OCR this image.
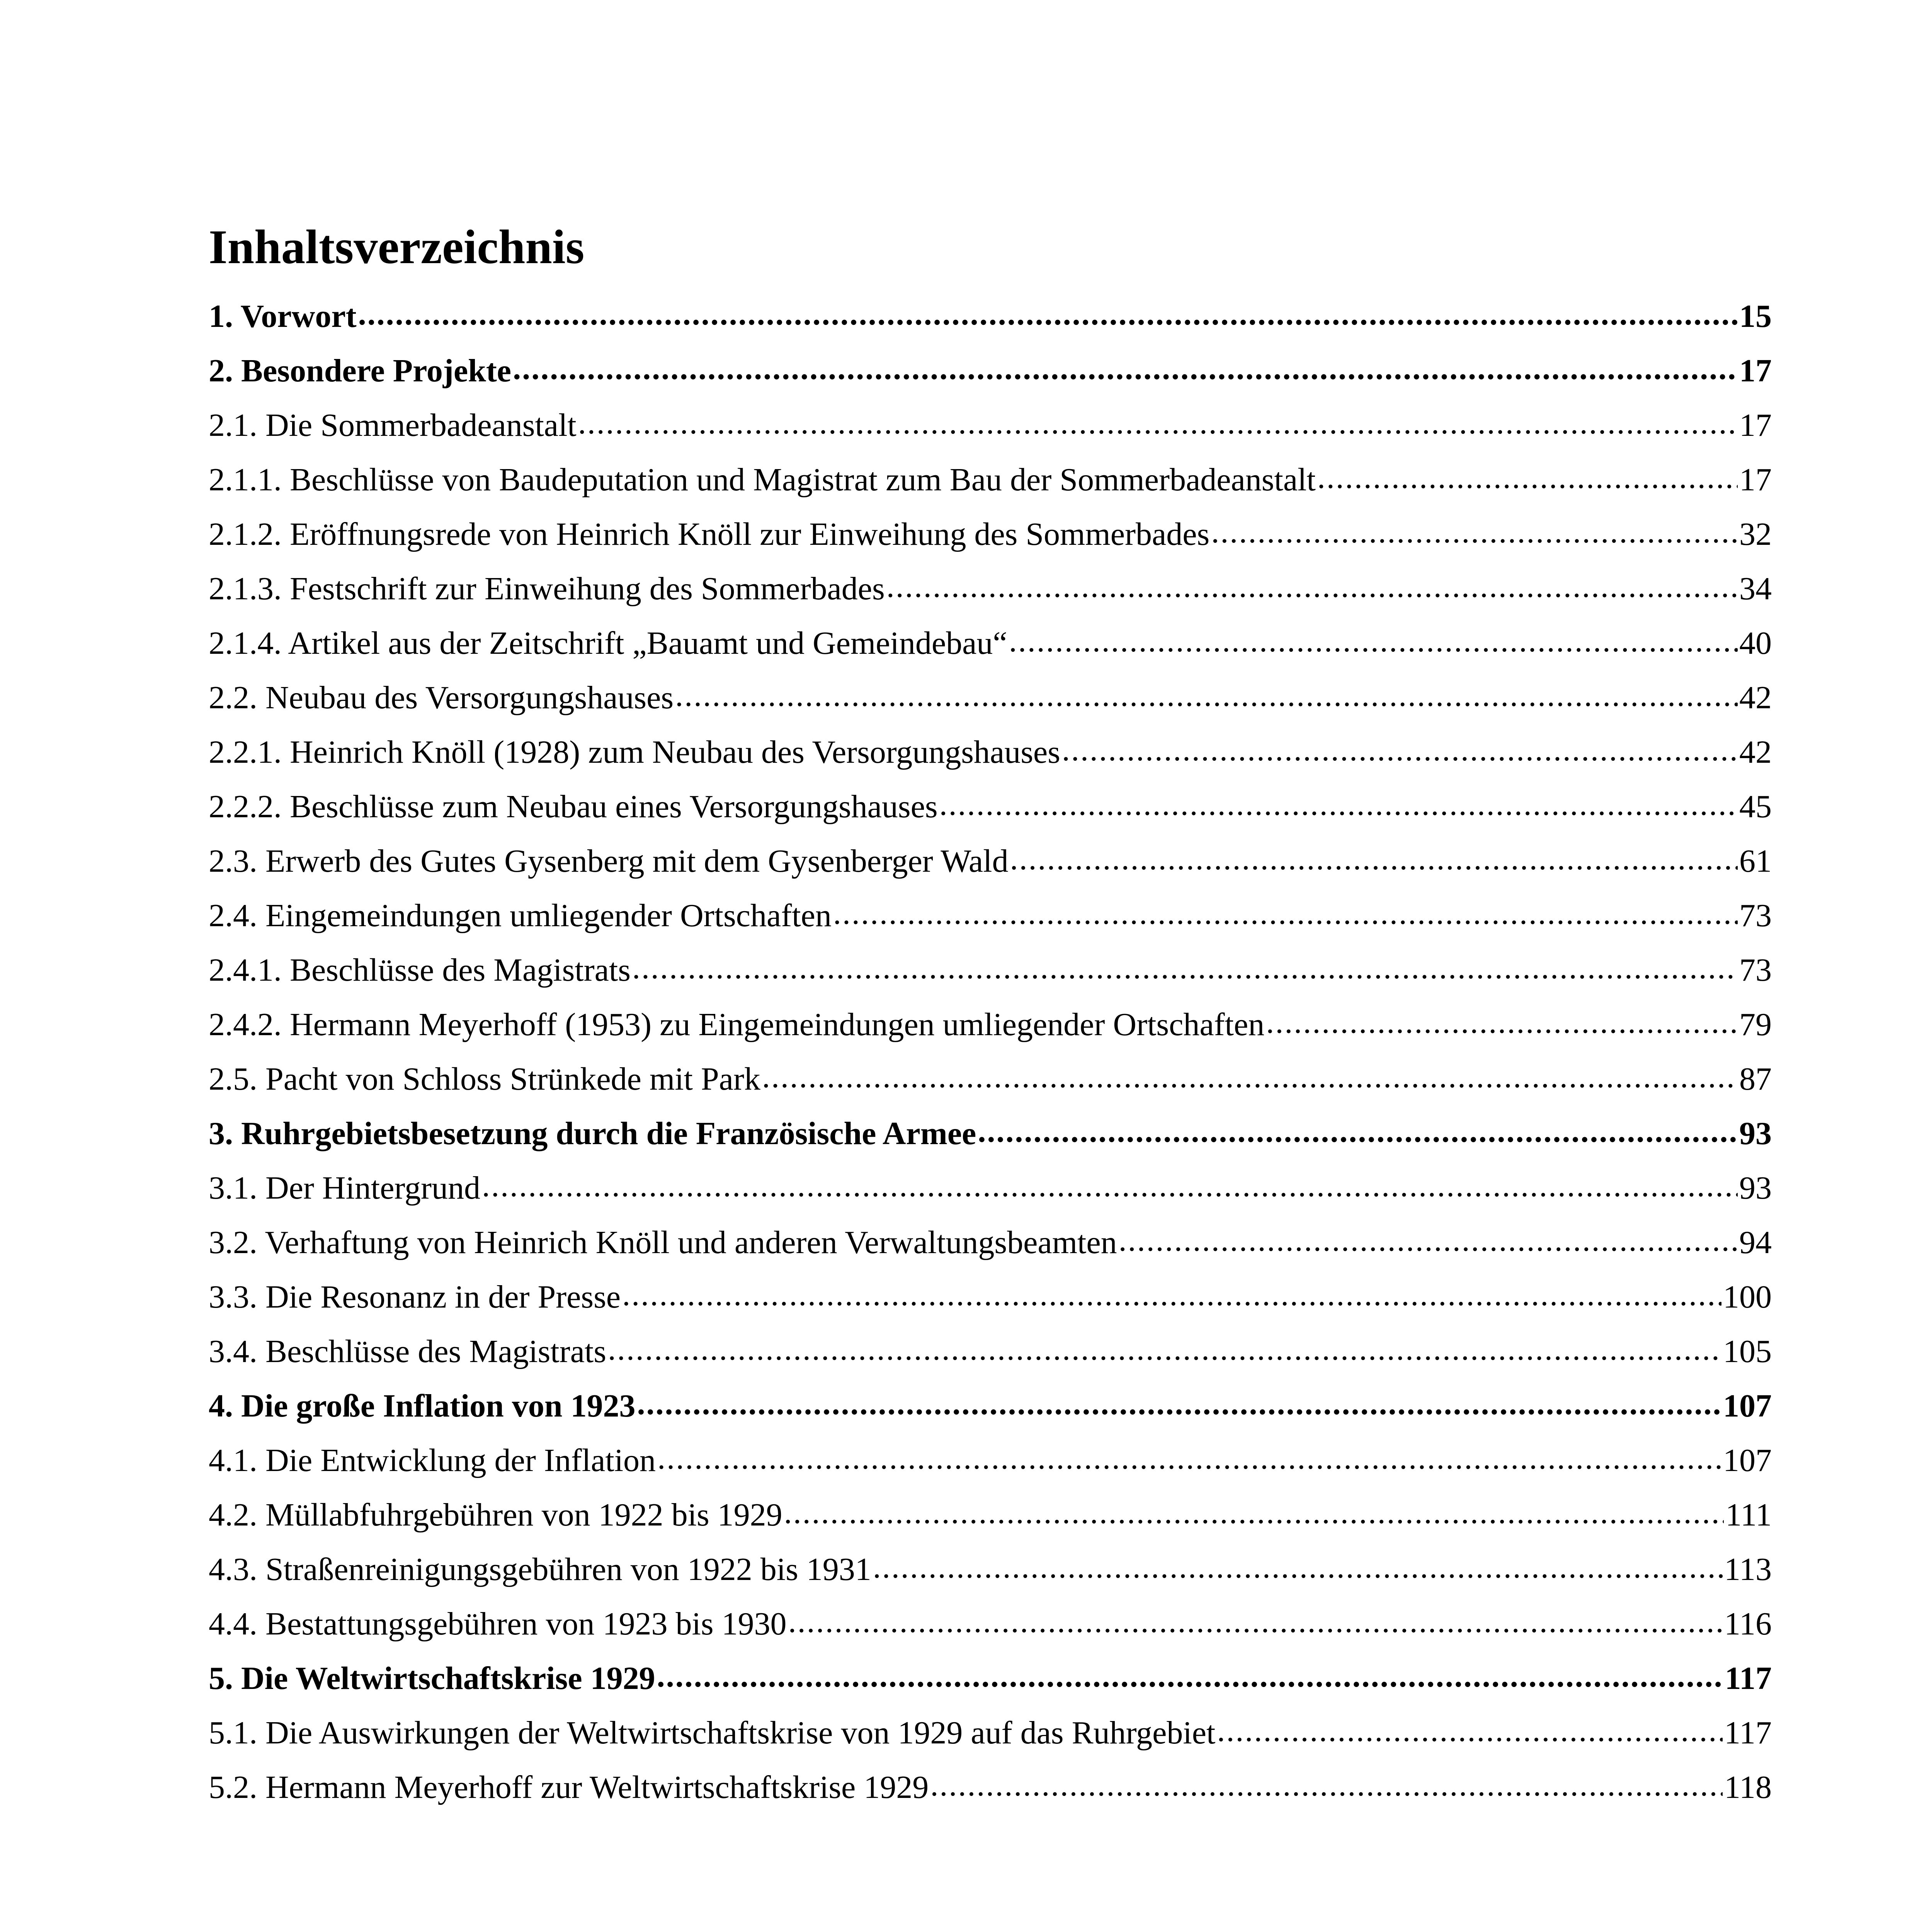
Inhaltsverzeichnis
1. Vorwort .....	15
2. Besondere Projekte .....	17
2.1. Die Sommerbadeanstalt .....	17
2.1.1. Beschlüsse von Baudeputation und Magistrat zum Bau der Sommerbadeanstalt .....	17
2.1.2. Eröffnungsrede von Heinrich Knöll zur Einweihung des Sommerbades .....	32
2.1.3. Festschrift zur Einweihung des Sommerbades .....	34
2.1.4. Artikel aus der Zeitschrift „Bauamt und Gemeindebau“ .....	40
2.2. Neubau des Versorgungshauses .....	42
2.2.1. Heinrich Knöll (1928) zum Neubau des Versorgungshauses .....	42
2.2.2. Beschlüsse zum Neubau eines Versorgungshauses .....	45
2.3. Erwerb des Gutes Gysenberg mit dem Gysenberger Wald .....	61
2.4. Eingemeindungen umliegender Ortschaften .....	73
2.4.1. Beschlüsse des Magistrats .....	73
2.4.2. Hermann Meyerhoff (1953) zu Eingemeindungen umliegender Ortschaften .....	79
2.5. Pacht von Schloss Strünkede mit Park .....	87
3. Ruhrgebietsbesetzung durch die Französische Armee .....	93
3.1. Der Hintergrund .....	93
3.2. Verhaftung von Heinrich Knöll und anderen Verwaltungsbeamten .....	94
3.3. Die Resonanz in der Presse .....	100
3.4. Beschlüsse des Magistrats .....	105
4. Die große Inflation von 1923 .....	107
4.1. Die Entwicklung der Inflation .....	107
4.2. Müllabfuhrgebühren von 1922 bis 1929 .....	111
4.3. Straßenreinigungsgebühren von 1922 bis 1931 .....	113
4.4. Bestattungsgebühren von 1923 bis 1930 .....	116
5. Die Weltwirtschaftskrise 1929 .....	117
5.1. Die Auswirkungen der Weltwirtschaftskrise von 1929 auf das Ruhrgebiet .....	117
5.2. Hermann Meyerhoff zur Weltwirtschaftskrise 1929 .....	118
